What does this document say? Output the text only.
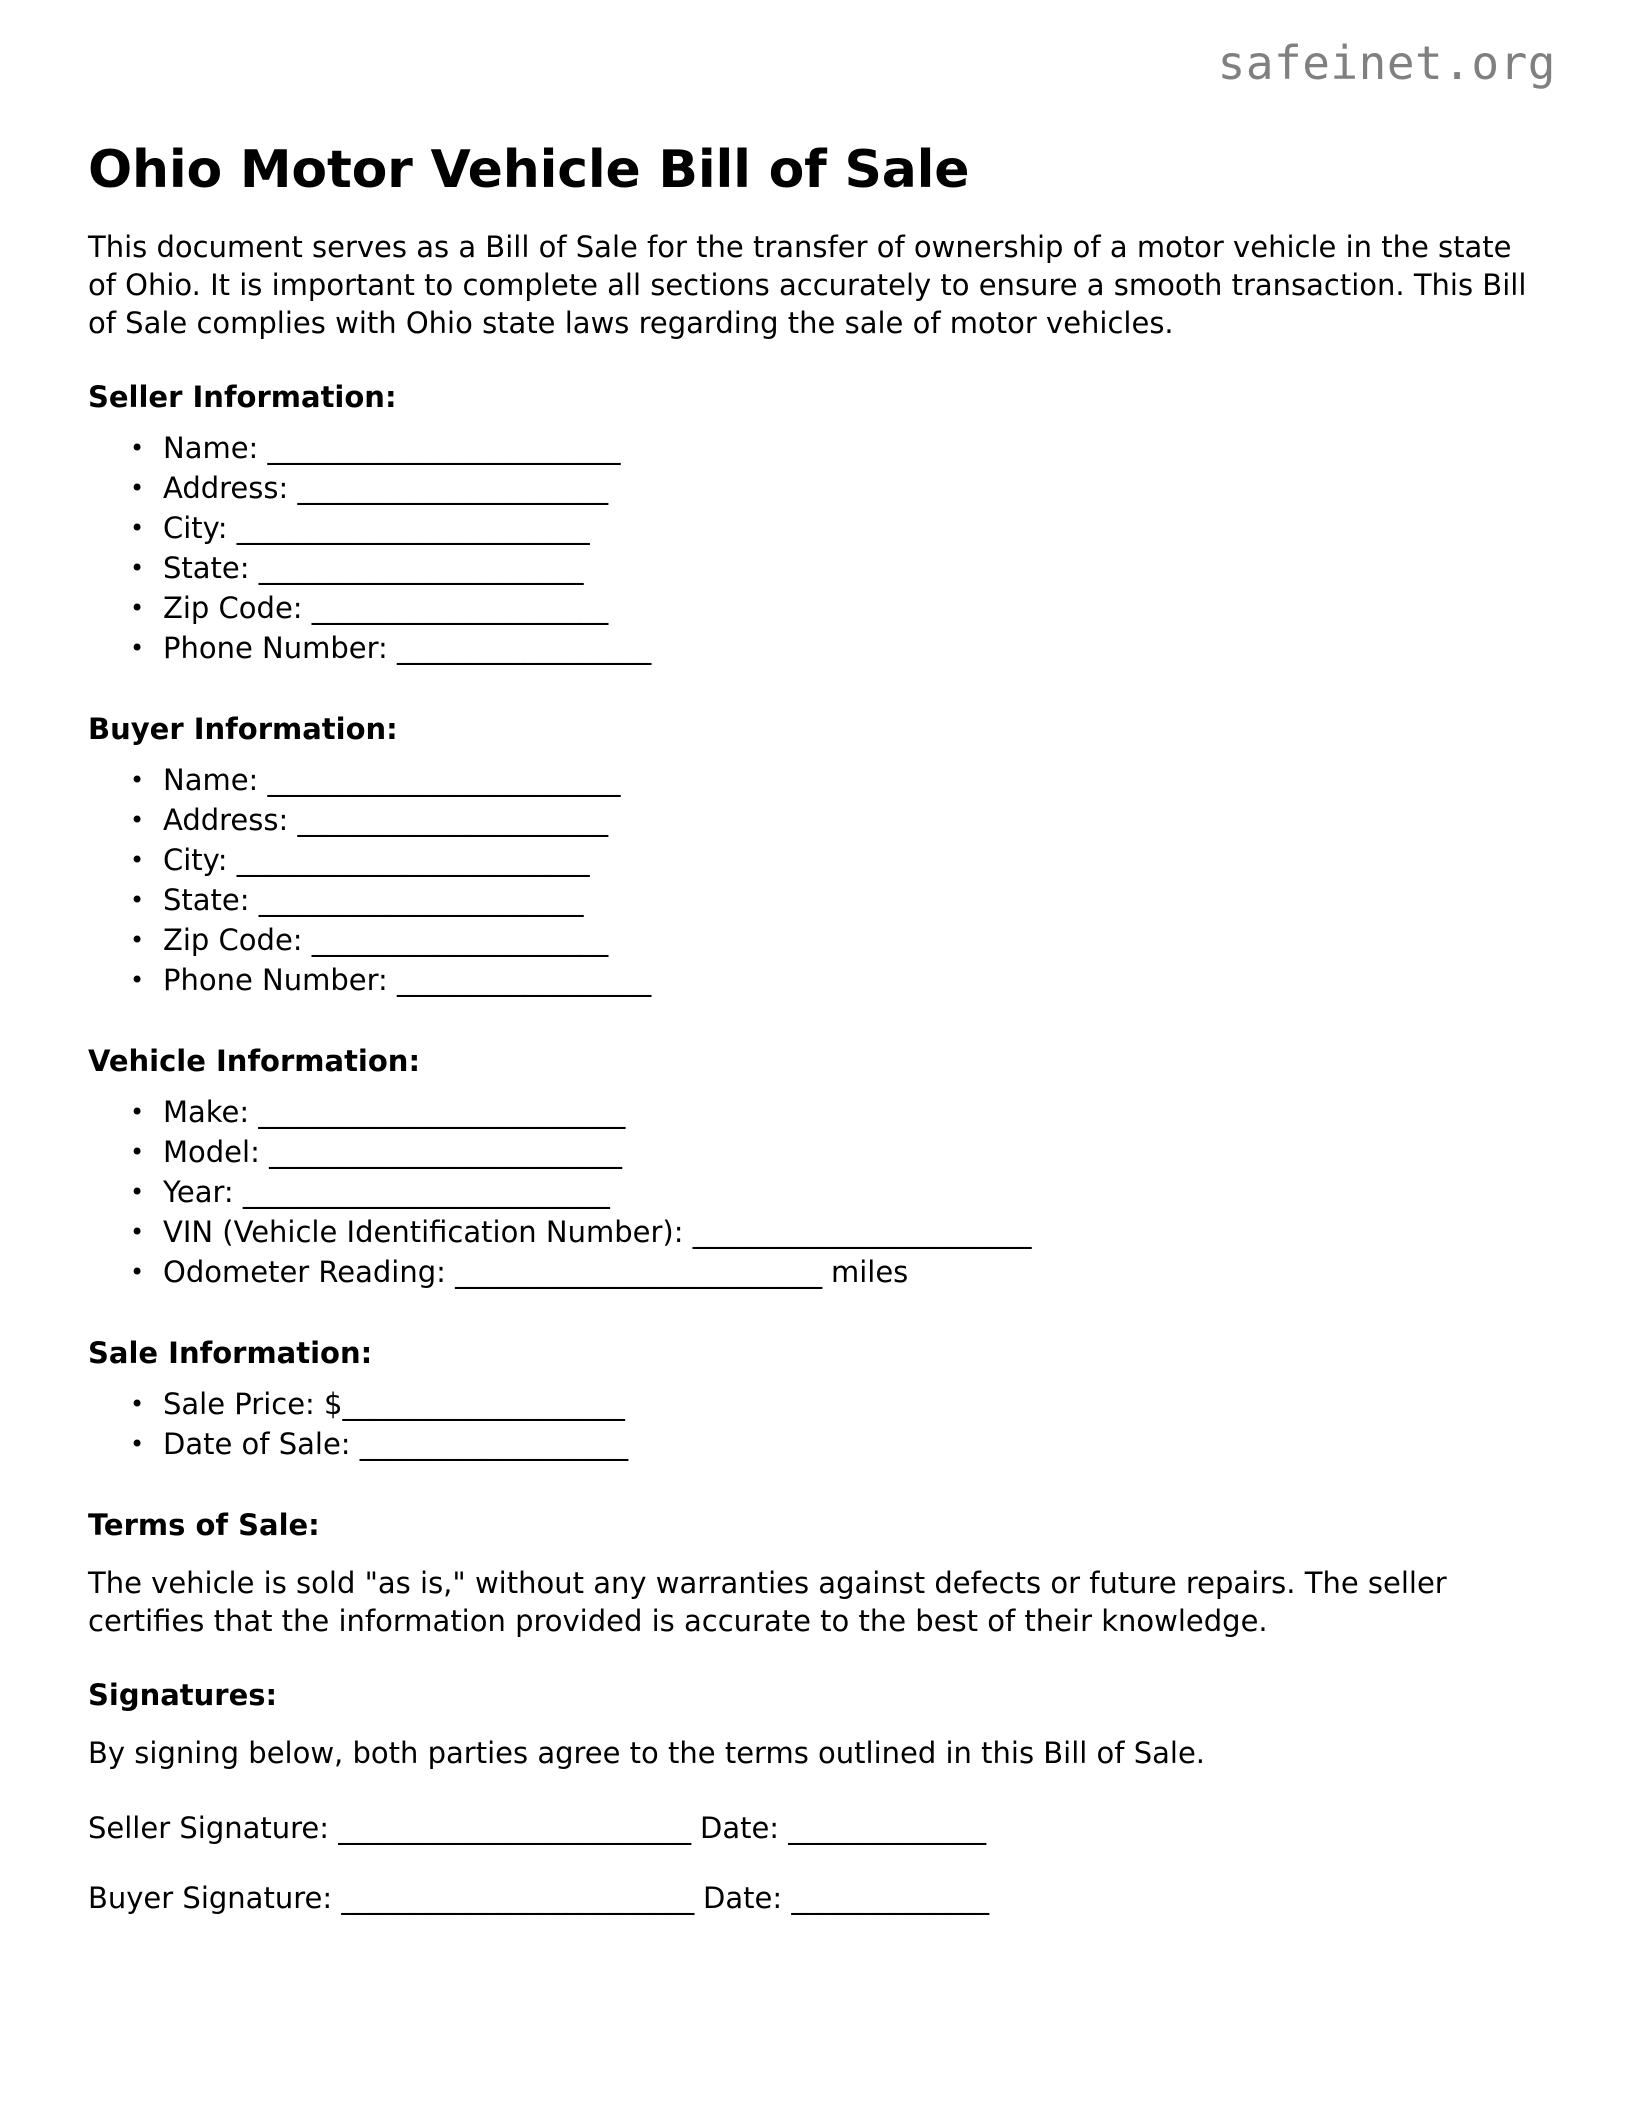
safeinet.org
Ohio Motor Vehicle Bill of Sale

This document serves as a Bill of Sale for the transfer of ownership of a motor vehicle in the state of Ohio. It is important to complete all sections accurately to ensure a smooth transaction. This Bill of Sale complies with Ohio state laws regarding the sale of motor vehicles.

Seller Information:
• Name: _________________________
• Address: ______________________
• City: _________________________
• State: _______________________
• Zip Code: _____________________
• Phone Number: __________________
Buyer Information:
• Name: _________________________
• Address: ______________________
• City: _________________________
• State: _______________________
• Zip Code: _____________________
• Phone Number: __________________
Vehicle Information:
• Make: __________________________
• Model: _________________________
• Year: __________________________
• VIN (Vehicle Identification Number): ________________________
• Odometer Reading: __________________________ miles
Sale Information:
• Sale Price: $____________________
• Date of Sale: ___________________
Terms of Sale:

The vehicle is sold "as is," without any warranties against defects or future repairs. The seller certifies that the information provided is accurate to the best of their knowledge.

Signatures:

By signing below, both parties agree to the terms outlined in this Bill of Sale.

Seller Signature: _________________________ Date: ______________
Buyer Signature: _________________________ Date: ______________
